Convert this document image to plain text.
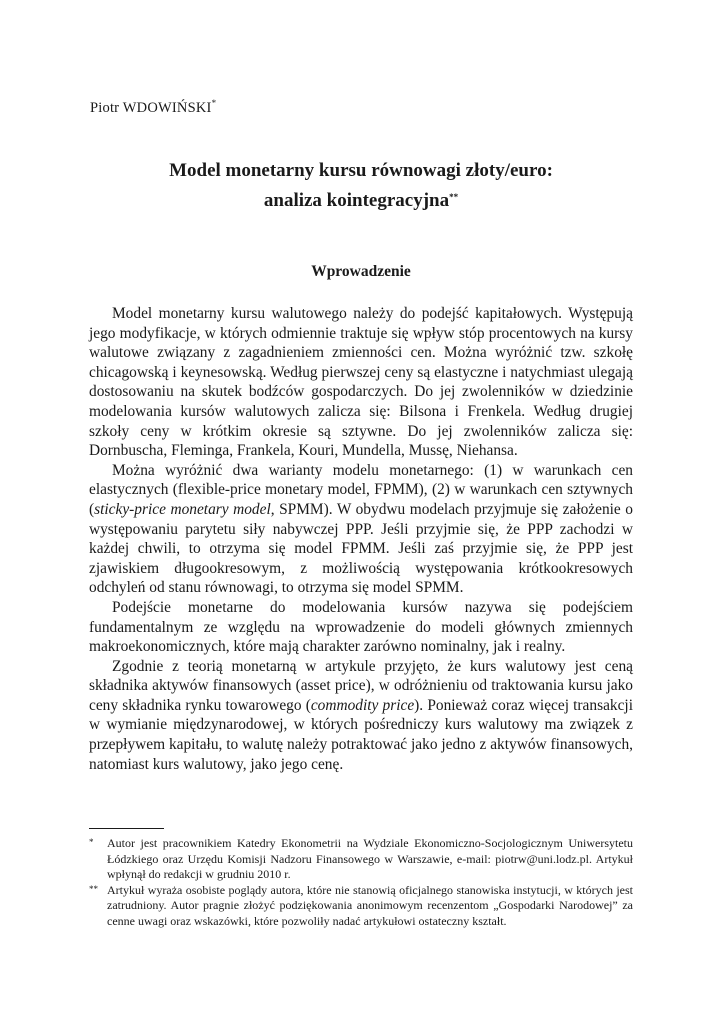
Piotr WDOWIŃSKI*
Model monetarny kursu równowagi złoty/euro:
analiza kointegracyjna**
Wprowadzenie

Model monetarny kursu walutowego należy do podejść kapitałowych. Występują jego modyfikacje, w których odmiennie traktuje się wpływ stóp procentowych na kursy walutowe związany z zagadnieniem zmienności cen. Można wyróżnić tzw. szkołę chicagowską i keynesowską. Według pierwszej ceny są elastyczne i natychmiast ulegają dostosowaniu na skutek bodźców gospodarczych. Do jej zwolenników w dziedzinie modelowania kursów walutowych zalicza się: Bilsona i Frenkela. Według drugiej szkoły ceny w krótkim okresie są sztywne. Do jej zwolenników zalicza się: Dornbuscha, Fleminga, Frankela, Kouri, Mundella, Mussę, Niehansa.

Można wyróżnić dwa warianty modelu monetarnego: (1) w warunkach cen elastycznych (flexible-price monetary model, FPMM), (2) w warunkach cen sztywnych (sticky-price monetary model, SPMM). W obydwu modelach przyjmuje się założenie o występowaniu parytetu siły nabywczej PPP. Jeśli przyjmie się, że PPP zachodzi w każdej chwili, to otrzyma się model FPMM. Jeśli zaś przyjmie się, że PPP jest zjawiskiem długookresowym, z możliwością występowania krótkookresowych odchyleń od stanu równowagi, to otrzyma się model SPMM.

Podejście monetarne do modelowania kursów nazywa się podejściem fundamentalnym ze względu na wprowadzenie do modeli głównych zmiennych makroekonomicznych, które mają charakter zarówno nominalny, jak i realny.

Zgodnie z teorią monetarną w artykule przyjęto, że kurs walutowy jest ceną składnika aktywów finansowych (asset price), w odróżnieniu od traktowania kursu jako ceny składnika rynku towarowego (commodity price). Ponieważ coraz więcej transakcji w wymianie międzynarodowej, w których pośredniczy kurs walutowy ma związek z przepływem kapitału, to walutę należy potraktować jako jedno z aktywów finansowych, natomiast kurs walutowy, jako jego cenę.

*	Autor jest pracownikiem Katedry Ekonometrii na Wydziale Ekonomiczno-Socjologicznym Uniwersytetu Łódzkiego oraz Urzędu Komisji Nadzoru Finansowego w Warszawie, e-mail: piotrw@uni.lodz.pl. Artykuł wpłynął do redakcji w grudniu 2010 r.
** Artykuł wyraża osobiste poglądy autora, które nie stanowią oficjalnego stanowiska instytucji, w których jest zatrudniony. Autor pragnie złożyć podziękowania anonimowym recenzentom „Gospodarki Narodowej” za cenne uwagi oraz wskazówki, które pozwoliły nadać artykułowi ostateczny kształt.
